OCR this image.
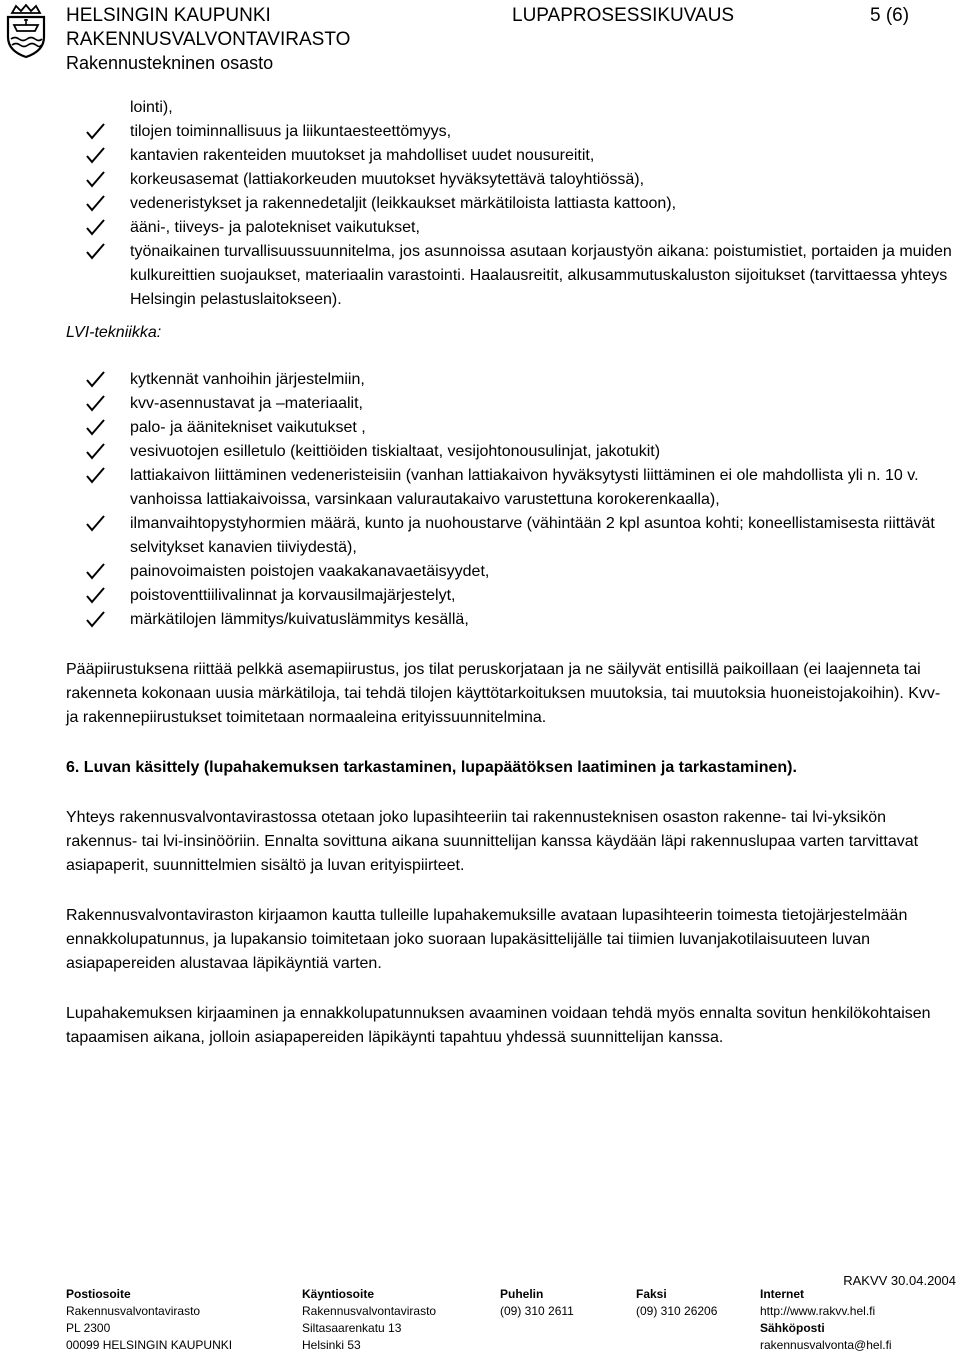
HELSINGIN KAUPUNKI	LUPAPROSESSIKUVAUS	5 (6)
RAKENNUSVALVONTAVIRASTO
Rakennustekninen osasto
lointi),
tilojen toiminnallisuus ja liikuntaesteettömyys,
kantavien rakenteiden muutokset ja mahdolliset uudet nousureitit,
korkeusasemat (lattiakorkeuden muutokset hyväksytettävä taloyhtiössä),
vedeneristykset ja rakennedetaljit (leikkaukset märkätiloista lattiasta kattoon),
ääni-, tiiveys- ja palotekniset vaikutukset,
työnaikainen turvallisuussuunnitelma, jos asunnoissa asutaan korjaustyön aikana: poistumistiet, portaiden ja muiden kulkureittien suojaukset, materiaalin varastointi. Haalausreitit, alkusammutuskaluston sijoitukset (tarvittaessa yhteys Helsingin pelastuslaitokseen).
LVI-tekniikka:
kytkennät vanhoihin järjestelmiin,
kvv-asennustavat ja –materiaalit,
palo- ja äänitekniset vaikutukset ,
vesivuotojen esilletulo (keittiöiden tiskialtaat, vesijohtonousulinjat, jakotukit)
lattiakaivon liittäminen vedeneristeisiin (vanhan lattiakaivon hyväksytysti liittäminen ei ole mahdollista yli n. 10 v. vanhoissa lattiakaivoissa, varsinkaan valurautakaivo varustettuna korokerenkaalla),
ilmanvaihtopystyhormien määrä, kunto ja nuohoustarve (vähintään 2 kpl asuntoa kohti; koneellistamisesta riittävät selvitykset kanavien tiiviydestä),
painovoimaisten poistojen vaakakanavaetäisyydet,
poistoventtiilivalinnat ja korvausilmajärjestelyt,
märkätilojen lämmitys/kuivatuslämmitys kesällä,

Pääpiirustuksena riittää pelkkä asemapiirustus, jos tilat peruskorjataan ja ne säilyvät entisillä paikoillaan (ei laajenneta tai rakenneta kokonaan uusia märkätiloja, tai tehdä tilojen käyttötarkoituksen muutoksia, tai muutoksia huoneistojakoihin). Kvv- ja rakennepiirustukset toimitetaan normaaleina erityissuunnitelmina.

6. Luvan käsittely (lupahakemuksen tarkastaminen, lupapäätöksen laatiminen ja tarkastaminen).

Yhteys rakennusvalvontavirastossa otetaan joko lupasihteeriin tai rakennusteknisen osaston rakenne- tai lvi-yksikön rakennus- tai lvi-insinööriin. Ennalta sovittuna aikana suunnittelijan kanssa käydään läpi rakennuslupaa varten tarvittavat asiapaperit, suunnittelmien sisältö ja luvan erityispiirteet.

Rakennusvalvontaviraston kirjaamon kautta tulleille lupahakemuksille avataan lupasihteerin toimesta tietojärjestelmään ennakkolupatunnus, ja lupakansio toimitetaan joko suoraan lupakäsittelijälle tai tiimien luvanjakotilaisuuteen luvan asiapapereiden alustavaa läpikäyntiä varten.

Lupahakemuksen kirjaaminen ja ennakkolupatunnuksen avaaminen voidaan tehdä myös ennalta sovitun henkilökohtaisen tapaamisen aikana, jolloin asiapapereiden läpikäynti tapahtuu yhdessä suunnittelijan kanssa.

RAKVV 30.04.2004
Postiosoite
Rakennusvalvontavirasto
PL 2300
00099 HELSINGIN KAUPUNKI
Käyntiosoite
Rakennusvalvontavirasto
Siltasaarenkatu 13
Helsinki 53
Puhelin
(09) 310 2611
Faksi
(09) 310 26206
Internet
http://www.rakvv.hel.fi
Sähköposti
rakennusvalvonta@hel.fi
